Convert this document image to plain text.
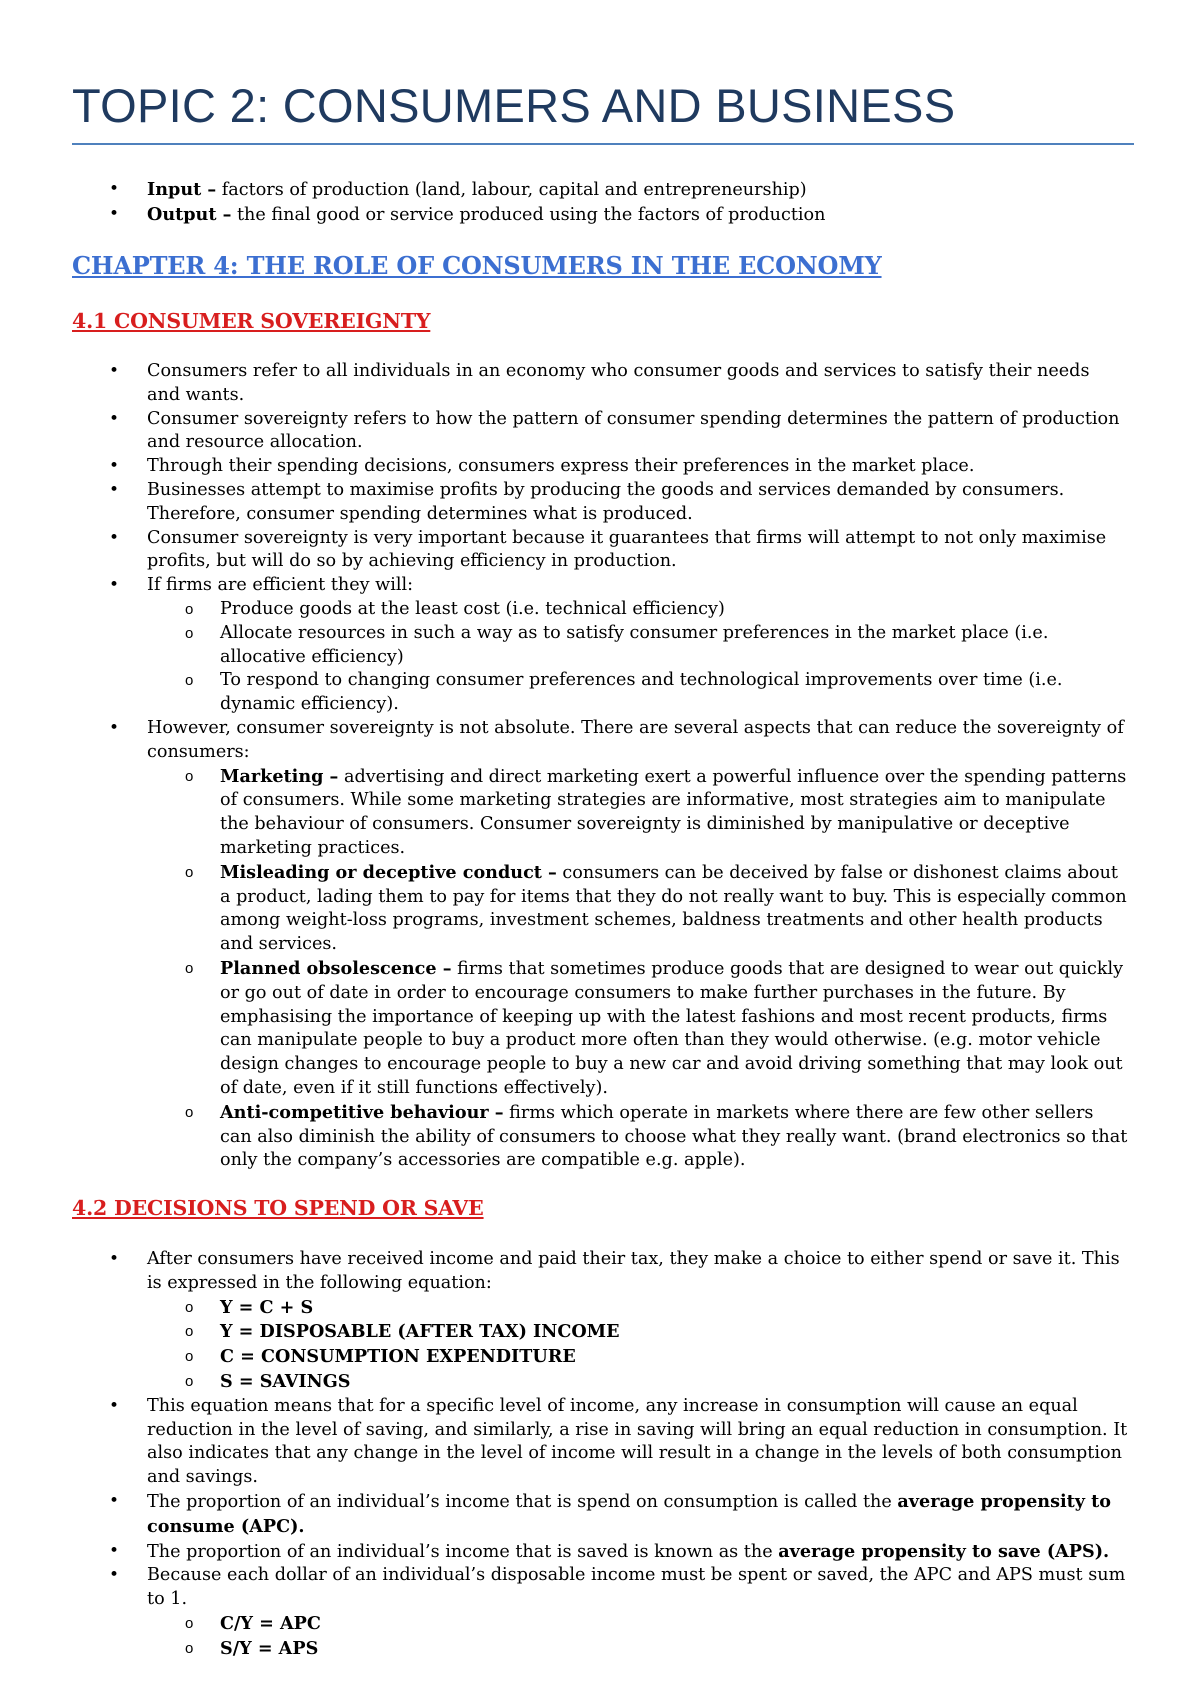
TOPIC 2: CONSUMERS AND BUSINESS
• Input – factors of production (land, labour, capital and entrepreneurship)
• Output – the final good or service produced using the factors of production
CHAPTER 4: THE ROLE OF CONSUMERS IN THE ECONOMY
4.1 CONSUMER SOVEREIGNTY
• Consumers refer to all individuals in an economy who consumer goods and services to satisfy their needs and wants.
• Consumer sovereignty refers to how the pattern of consumer spending determines the pattern of production and resource allocation.
• Through their spending decisions, consumers express their preferences in the market place.
• Businesses attempt to maximise profits by producing the goods and services demanded by consumers. Therefore, consumer spending determines what is produced.
• Consumer sovereignty is very important because it guarantees that firms will attempt to not only maximise profits, but will do so by achieving efficiency in production.
• If firms are efficient they will:
o Produce goods at the least cost (i.e. technical efficiency)
o Allocate resources in such a way as to satisfy consumer preferences in the market place (i.e. allocative efficiency)
o To respond to changing consumer preferences and technological improvements over time (i.e. dynamic efficiency).
• However, consumer sovereignty is not absolute. There are several aspects that can reduce the sovereignty of consumers:
o Marketing – advertising and direct marketing exert a powerful influence over the spending patterns of consumers. While some marketing strategies are informative, most strategies aim to manipulate the behaviour of consumers. Consumer sovereignty is diminished by manipulative or deceptive marketing practices.
o Misleading or deceptive conduct – consumers can be deceived by false or dishonest claims about a product, lading them to pay for items that they do not really want to buy. This is especially common among weight-loss programs, investment schemes, baldness treatments and other health products and services.
o Planned obsolescence – firms that sometimes produce goods that are designed to wear out quickly or go out of date in order to encourage consumers to make further purchases in the future. By emphasising the importance of keeping up with the latest fashions and most recent products, firms can manipulate people to buy a product more often than they would otherwise. (e.g. motor vehicle design changes to encourage people to buy a new car and avoid driving something that may look out of date, even if it still functions effectively).
o Anti-competitive behaviour – firms which operate in markets where there are few other sellers can also diminish the ability of consumers to choose what they really want. (brand electronics so that only the company’s accessories are compatible e.g. apple).
4.2 DECISIONS TO SPEND OR SAVE
• After consumers have received income and paid their tax, they make a choice to either spend or save it. This is expressed in the following equation:
o Y = C + S
o Y = DISPOSABLE (AFTER TAX) INCOME
o C = CONSUMPTION EXPENDITURE
o S = SAVINGS
• This equation means that for a specific level of income, any increase in consumption will cause an equal reduction in the level of saving, and similarly, a rise in saving will bring an equal reduction in consumption. It also indicates that any change in the level of income will result in a change in the levels of both consumption and savings.
• The proportion of an individual’s income that is spend on consumption is called the average propensity to consume (APC).
• The proportion of an individual’s income that is saved is known as the average propensity to save (APS).
• Because each dollar of an individual’s disposable income must be spent or saved, the APC and APS must sum to 1.
o C/Y = APC
o S/Y = APS
